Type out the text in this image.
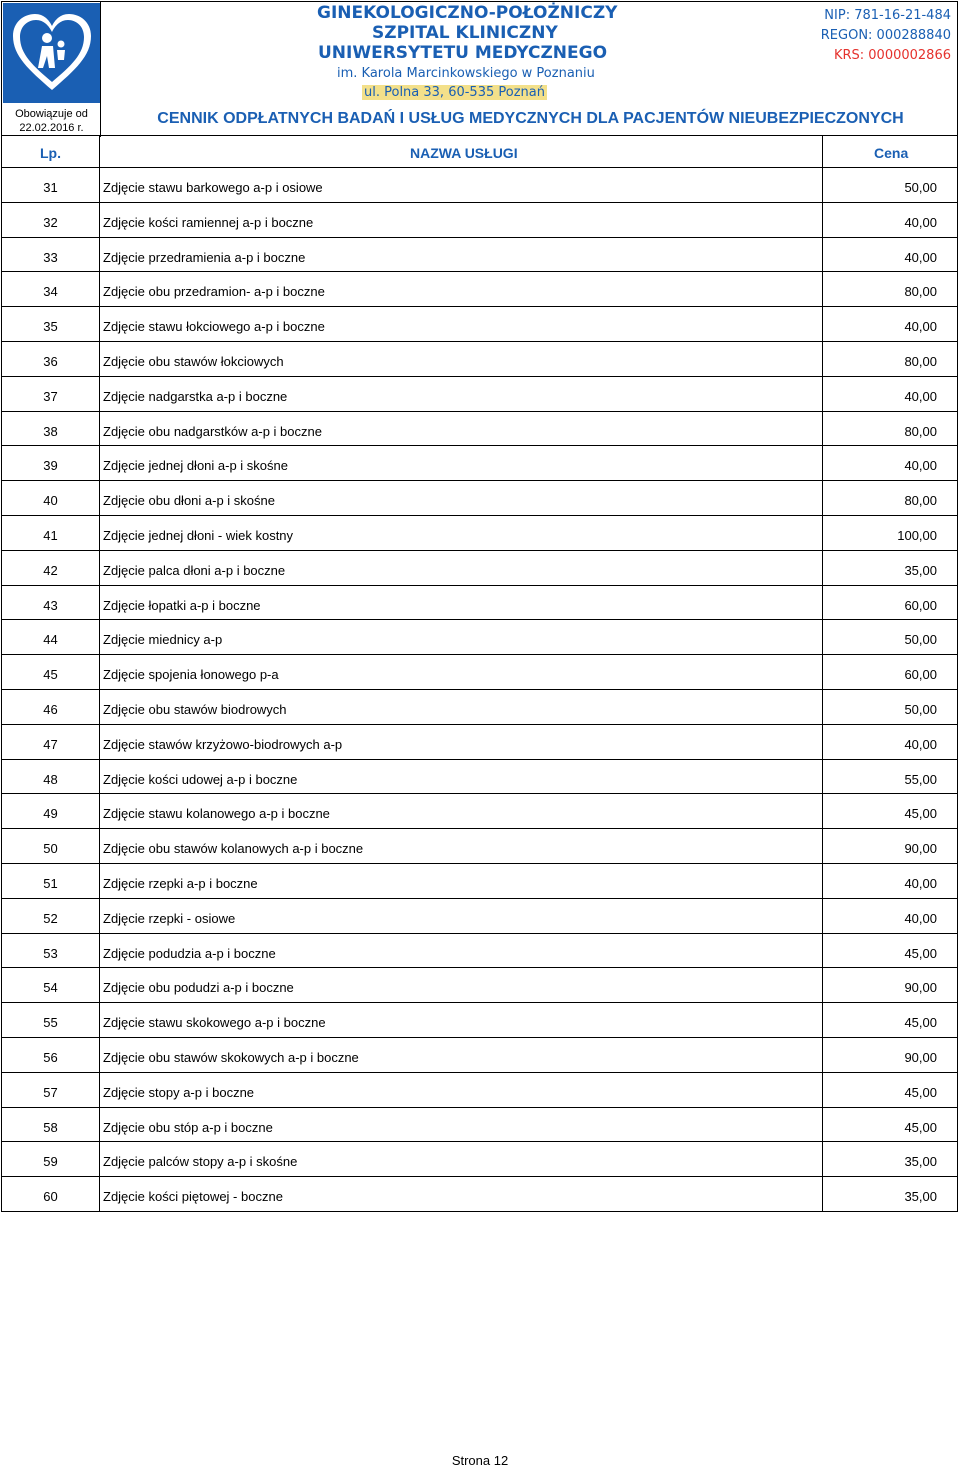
Obowiązuje od
22.02.2016 r.
GINEKOLOGICZNO-POŁOŻNICZY
SZPITAL KLINICZNY
UNIWERSYTETU MEDYCZNEGO
im. Karola Marcinkowskiego w Poznaniu
ul. Polna 33, 60-535 Poznań
NIP: 781-16-21-484
REGON: 000288840
KRS: 0000002866
CENNIK ODPŁATNYCH BADAŃ I USŁUG MEDYCZNYCH DLA PACJENTÓW NIEUBEZPIECZONYCH
Lp.	NAZWA USŁUGI	Cena
31	Zdjęcie stawu barkowego a-p i osiowe	50,00
32	Zdjęcie kości ramiennej a-p i boczne	40,00
33	Zdjęcie przedramienia a-p i boczne	40,00
34	Zdjęcie obu przedramion- a-p i boczne	80,00
35	Zdjęcie stawu łokciowego a-p i boczne	40,00
36	Zdjęcie obu stawów łokciowych	80,00
37	Zdjęcie nadgarstka a-p i boczne	40,00
38	Zdjęcie obu nadgarstków a-p i boczne	80,00
39	Zdjęcie jednej dłoni a-p i skośne	40,00
40	Zdjęcie obu dłoni a-p i skośne	80,00
41	Zdjęcie jednej dłoni - wiek kostny	100,00
42	Zdjęcie palca dłoni a-p i boczne	35,00
43	Zdjęcie łopatki a-p i boczne	60,00
44	Zdjęcie miednicy a-p	50,00
45	Zdjęcie spojenia łonowego p-a	60,00
46	Zdjęcie obu stawów biodrowych	50,00
47	Zdjęcie stawów krzyżowo-biodrowych a-p	40,00
48	Zdjęcie kości udowej a-p i boczne	55,00
49	Zdjęcie stawu kolanowego a-p i boczne	45,00
50	Zdjęcie obu stawów kolanowych a-p i boczne	90,00
51	Zdjęcie rzepki a-p i boczne	40,00
52	Zdjęcie rzepki - osiowe	40,00
53	Zdjęcie podudzia a-p i boczne	45,00
54	Zdjęcie obu podudzi a-p i boczne	90,00
55	Zdjęcie stawu skokowego a-p i boczne	45,00
56	Zdjęcie obu stawów skokowych a-p i boczne	90,00
57	Zdjęcie stopy a-p i boczne	45,00
58	Zdjęcie obu stóp a-p i boczne	45,00
59	Zdjęcie palców stopy a-p i skośne	35,00
60	Zdjęcie kości piętowej - boczne	35,00
Strona 12
